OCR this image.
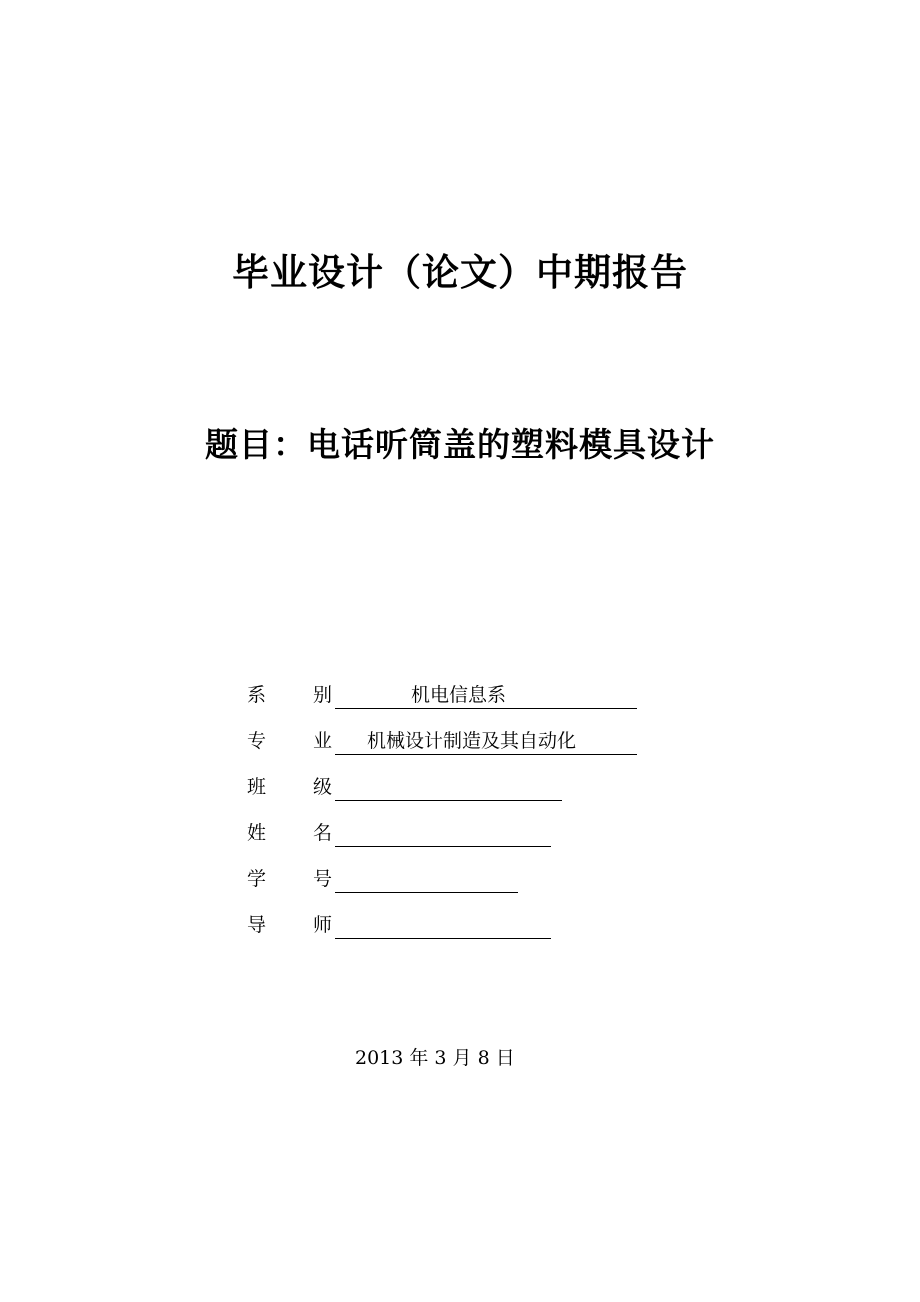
毕业设计（论文）中期报告
题目：电话听筒盖的塑料模具设计
系 别	机电信息系
专 业 机械设计制造及其自动化
班 级
姓 名
学 号
导 师
2013 年 3 月 8 日
